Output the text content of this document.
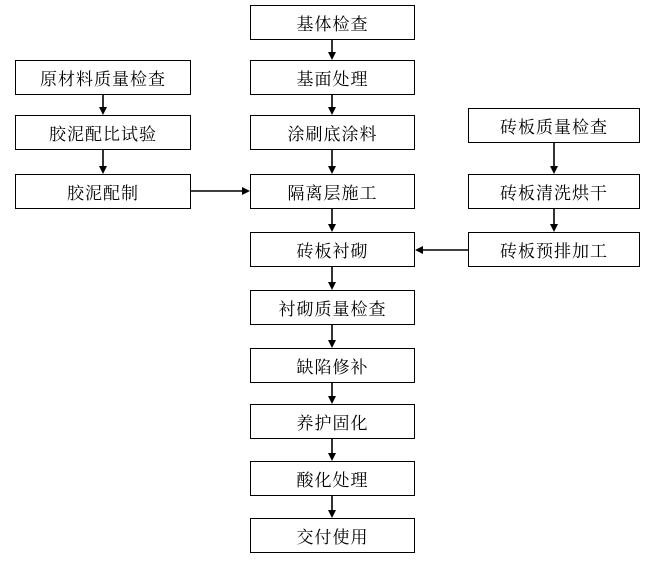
基体检查
基面处理
涂刷底涂料
隔离层施工
砖板衬砌
衬砌质量检查
缺陷修补
养护固化
酸化处理
交付使用
原材料质量检查
胶泥配比试验
胶泥配制
砖板质量检查
砖板清洗烘干
砖板预排加工
